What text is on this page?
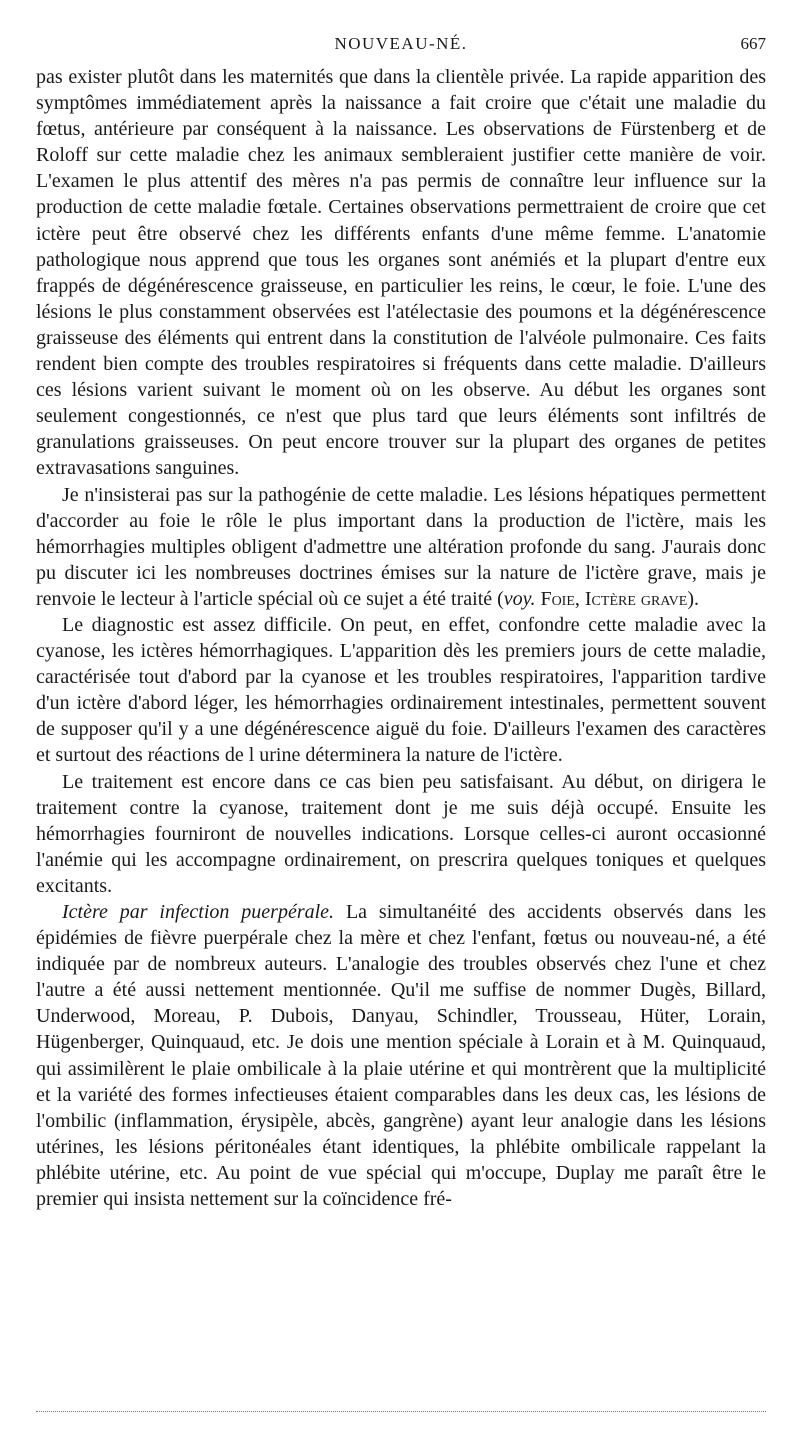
NOUVEAU-NÉ.	667

pas exister plutôt dans les maternités que dans la clientèle privée. La rapide apparition des symptômes immédiatement après la naissance a fait croire que c'était une maladie du fœtus, antérieure par conséquent à la naissance. Les observations de Fürstenberg et de Roloff sur cette maladie chez les animaux sembleraient justifier cette manière de voir. L'examen le plus attentif des mères n'a pas permis de connaître leur influence sur la production de cette maladie fœtale. Certaines observations permettraient de croire que cet ictère peut être observé chez les différents enfants d'une même femme. L'anatomie pathologique nous apprend que tous les organes sont anémiés et la plupart d'entre eux frappés de dégénérescence graisseuse, en particulier les reins, le cœur, le foie. L'une des lésions le plus constamment observées est l'atélectasie des poumons et la dégénérescence graisseuse des éléments qui entrent dans la constitution de l'alvéole pulmonaire. Ces faits rendent bien compte des troubles respiratoires si fréquents dans cette maladie. D'ailleurs ces lésions varient suivant le moment où on les observe. Au début les organes sont seulement congestionnés, ce n'est que plus tard que leurs éléments sont infiltrés de granulations graisseuses. On peut encore trouver sur la plupart des organes de petites extravasations sanguines.

Je n'insisterai pas sur la pathogénie de cette maladie. Les lésions hépatiques permettent d'accorder au foie le rôle le plus important dans la production de l'ictère, mais les hémorrhagies multiples obligent d'admettre une altération profonde du sang. J'aurais donc pu discuter ici les nombreuses doctrines émises sur la nature de l'ictère grave, mais je renvoie le lecteur à l'article spécial où ce sujet a été traité (voy. Foie, Ictère grave).

Le diagnostic est assez difficile. On peut, en effet, confondre cette maladie avec la cyanose, les ictères hémorrhagiques. L'apparition dès les premiers jours de cette maladie, caractérisée tout d'abord par la cyanose et les troubles respiratoires, l'apparition tardive d'un ictère d'abord léger, les hémorrhagies ordinairement intestinales, permettent souvent de supposer qu'il y a une dégénérescence aiguë du foie. D'ailleurs l'examen des caractères et surtout des réactions de l urine déterminera la nature de l'ictère.

Le traitement est encore dans ce cas bien peu satisfaisant. Au début, on dirigera le traitement contre la cyanose, traitement dont je me suis déjà occupé. Ensuite les hémorrhagies fourniront de nouvelles indications. Lorsque celles-ci auront occasionné l'anémie qui les accompagne ordinairement, on prescrira quelques toniques et quelques excitants.

Ictère par infection puerpérale. La simultanéité des accidents observés dans les épidémies de fièvre puerpérale chez la mère et chez l'enfant, fœtus ou nouveau-né, a été indiquée par de nombreux auteurs. L'analogie des troubles observés chez l'une et chez l'autre a été aussi nettement mentionnée. Qu'il me suffise de nommer Dugès, Billard, Underwood, Moreau, P. Dubois, Danyau, Schindler, Trousseau, Hüter, Lorain, Hügenberger, Quinquaud, etc. Je dois une mention spéciale à Lorain et à M. Quinquaud, qui assimilèrent le plaie ombilicale à la plaie utérine et qui montrèrent que la multiplicité et la variété des formes infectieuses étaient comparables dans les deux cas, les lésions de l'ombilic (inflammation, érysipèle, abcès, gangrène) ayant leur analogie dans les lésions utérines, les lésions péritonéales étant identiques, la phlébite ombilicale rappelant la phlébite utérine, etc. Au point de vue spécial qui m'occupe, Duplay me paraît être le premier qui insista nettement sur la coïncidence fré-
